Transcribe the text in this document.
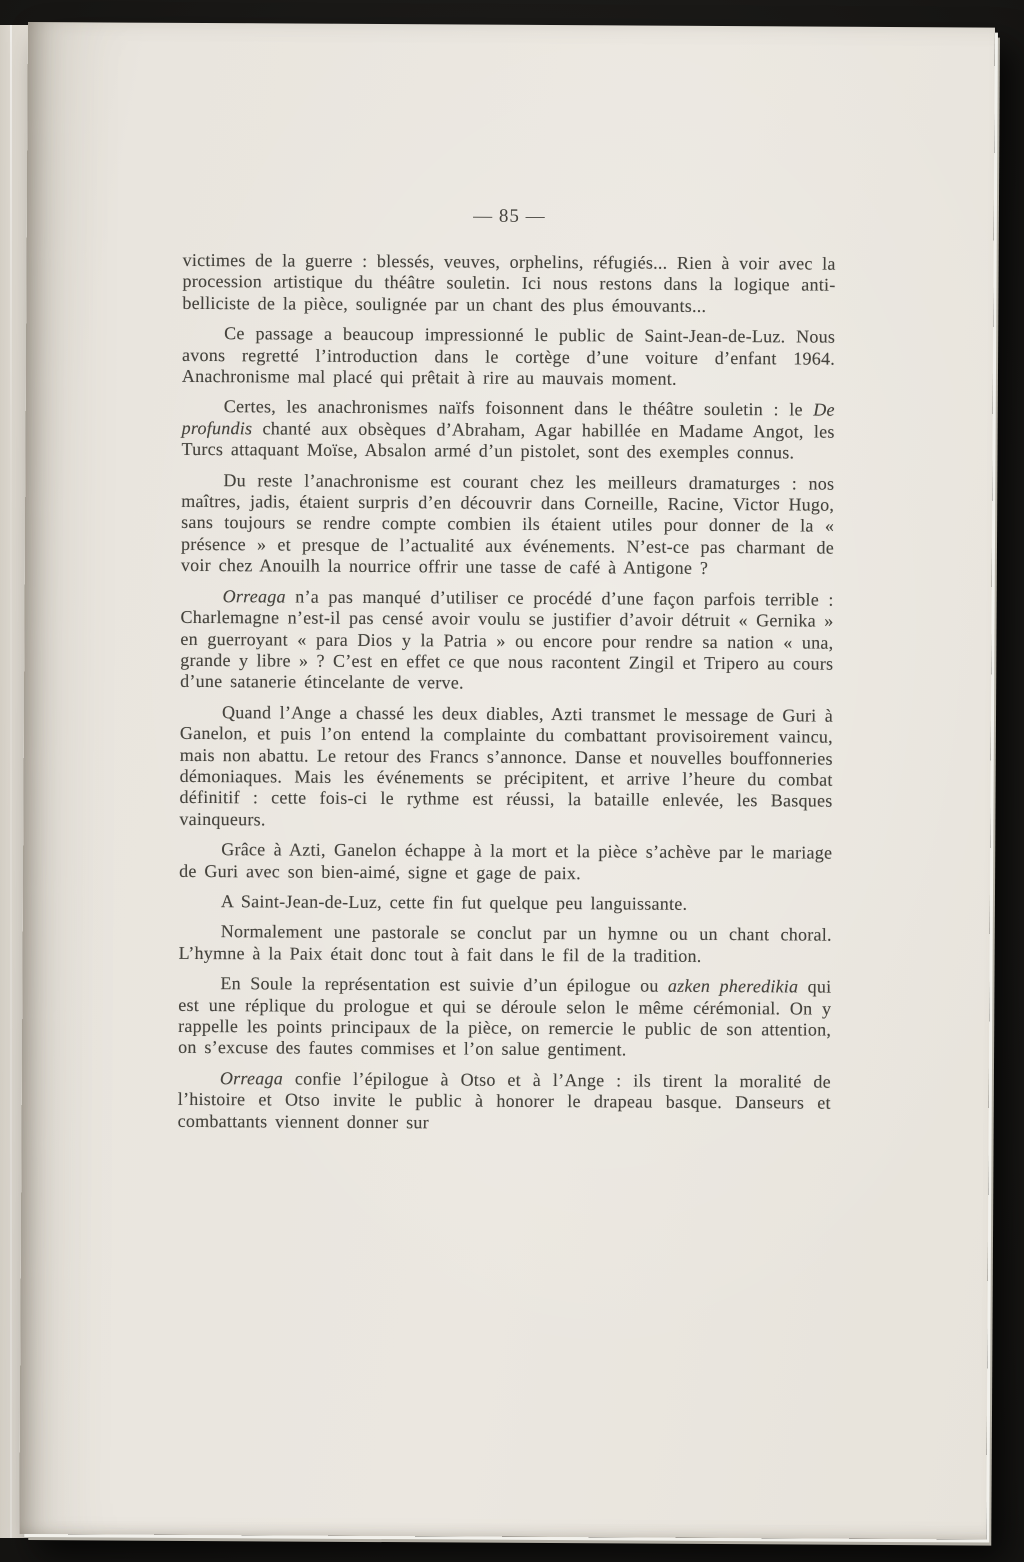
— 85 —

victimes de la guerre : blessés, veuves, orphelins, réfugiés... Rien à voir avec la procession artistique du théâtre souletin. Ici nous restons dans la logique anti-belliciste de la pièce, soulignée par un chant des plus émouvants...

Ce passage a beaucoup impressionné le public de Saint-Jean-de-Luz. Nous avons regretté l’introduction dans le cortège d’une voiture d’enfant 1964. Anachronisme mal placé qui prêtait à rire au mauvais moment.

Certes, les anachronismes naïfs foisonnent dans le théâtre souletin : le De profundis chanté aux obsèques d’Abraham, Agar habillée en Madame Angot, les Turcs attaquant Moïse, Absalon armé d’un pistolet, sont des exemples connus.

Du reste l’anachronisme est courant chez les meilleurs dramaturges : nos maîtres, jadis, étaient surpris d’en découvrir dans Corneille, Racine, Victor Hugo, sans toujours se rendre compte combien ils étaient utiles pour donner de la « présence » et presque de l’actualité aux événements. N’est-ce pas charmant de voir chez Anouilh la nourrice offrir une tasse de café à Antigone ?

Orreaga n’a pas manqué d’utiliser ce procédé d’une façon parfois terrible : Charlemagne n’est-il pas censé avoir voulu se justifier d’avoir détruit « Gernika » en guerroyant « para Dios y la Patria » ou encore pour rendre sa nation « una, grande y libre » ? C’est en effet ce que nous racontent Zingil et Tripero au cours d’une satanerie étincelante de verve.

Quand l’Ange a chassé les deux diables, Azti transmet le message de Guri à Ganelon, et puis l’on entend la complainte du combattant provisoirement vaincu, mais non abattu. Le retour des Francs s’annonce. Danse et nouvelles bouffonneries démoniaques. Mais les événements se précipitent, et arrive l’heure du combat définitif : cette fois-ci le rythme est réussi, la bataille enlevée, les Basques vainqueurs.

Grâce à Azti, Ganelon échappe à la mort et la pièce s’achève par le mariage de Guri avec son bien-aimé, signe et gage de paix.

A Saint-Jean-de-Luz, cette fin fut quelque peu languissante.

Normalement une pastorale se conclut par un hymne ou un chant choral. L’hymne à la Paix était donc tout à fait dans le fil de la tradition.

En Soule la représentation est suivie d’un épilogue ou azken pheredikia qui est une réplique du prologue et qui se déroule selon le même cérémonial. On y rappelle les points principaux de la pièce, on remercie le public de son attention, on s’excuse des fautes commises et l’on salue gentiment.

Orreaga confie l’épilogue à Otso et à l’Ange : ils tirent la moralité de l’histoire et Otso invite le public à honorer le drapeau basque. Danseurs et combattants viennent donner sur
